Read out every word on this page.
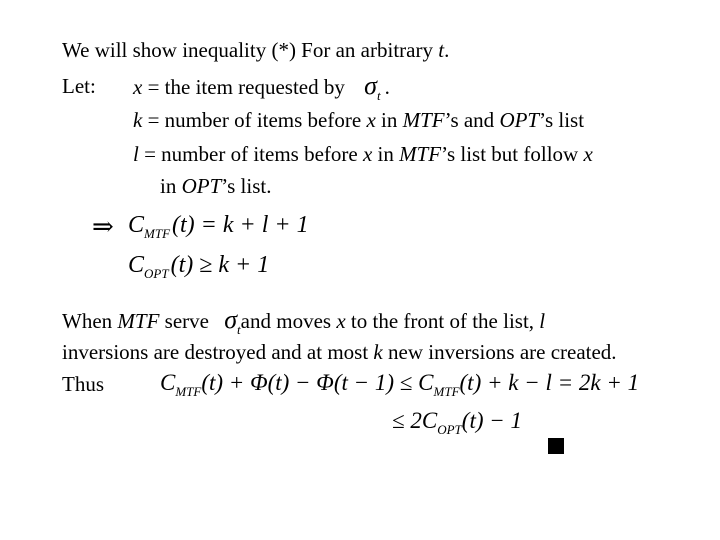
We will show inequality (*) For an arbitrary t.
Let: x = the item requested by $\sigma_t$ .
k = number of items before x in MTF’s and OPT’s list
l = number of items before x in MTF’s list but follow x
in OPT’s list.
⇒ $C_{MTF}(t) = k + l + 1$
$C_{OPT}(t) \ge k + 1$
When MTF serve $\sigma_tand$ moves x to the front of the list, l
inversions are destroyed and at most k new inversions are created.
Thus $C_{MTF}(t) + \Phi(t) - \Phi(t - 1) \le C_{MTF}(t) + k - l = 2k + 1$
≤ $2C_{OPT}(t) - 1$
